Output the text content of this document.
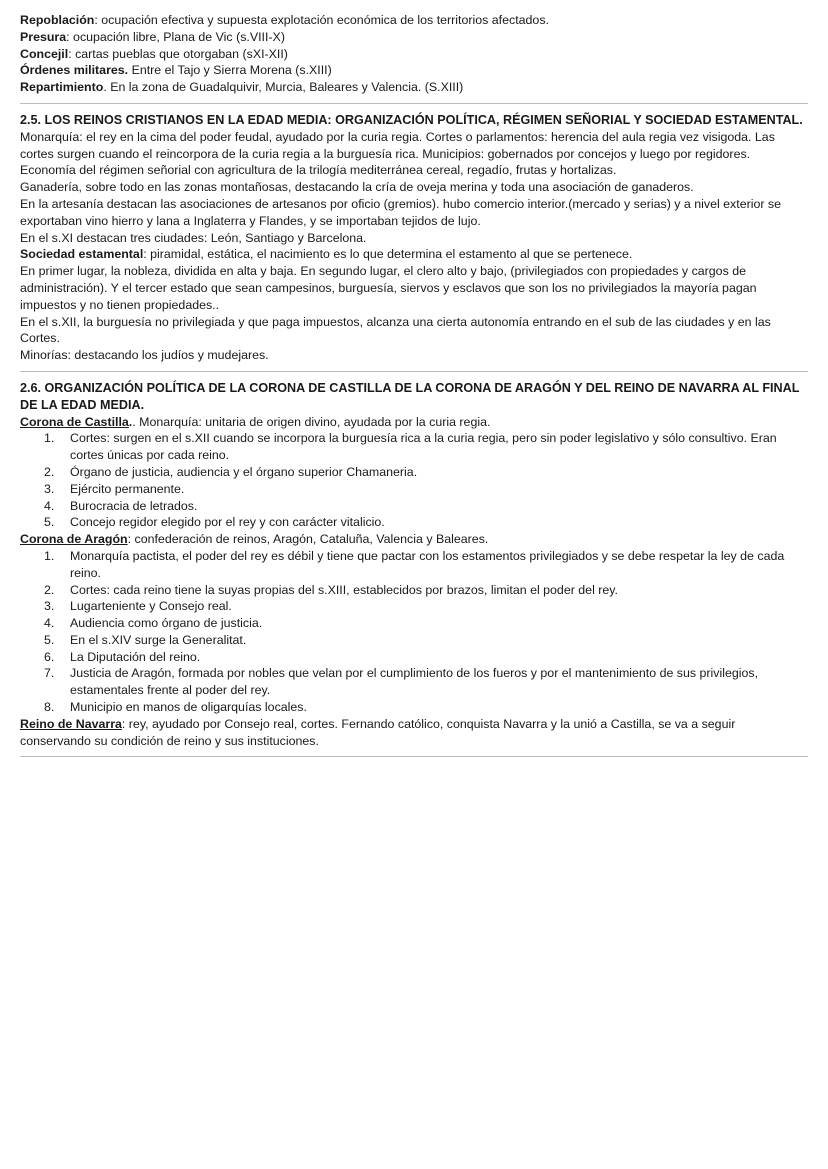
Repoblación: ocupación efectiva y supuesta explotación económica de los territorios afectados.
Presura: ocupación libre, Plana de Vic (s.VIII-X)
Concejil: cartas pueblas que otorgaban (sXI-XII)
Órdenes militares. Entre el Tajo y Sierra Morena (s.XIII)
Repartimiento. En la zona de Guadalquivir, Murcia, Baleares y Valencia. (S.XIII)
2.5. LOS REINOS CRISTIANOS EN LA EDAD MEDIA: ORGANIZACIÓN POLÍTICA, RÉGIMEN SEÑORIAL Y SOCIEDAD ESTAMENTAL.
Monarquía: el rey en la cima del poder feudal, ayudado por la curia regia. Cortes o parlamentos: herencia del aula regia vez visigoda. Las cortes surgen cuando el reincorpora de la curia regia a la burguesía rica. Municipios: gobernados por concejos y luego por regidores.
Economía del régimen señorial con agricultura de la trilogía mediterránea cereal, regadío, frutas y hortalizas.
Ganadería, sobre todo en las zonas montañosas, destacando la cría de oveja merina y toda una asociación de ganaderos.
En la artesanía destacan las asociaciones de artesanos por oficio (gremios). hubo comercio interior.(mercado y serias) y a nivel exterior se exportaban vino hierro y lana a Inglaterra y Flandes, y se importaban tejidos de lujo.
En el s.XI destacan tres ciudades: León, Santiago y Barcelona.
Sociedad estamental: piramidal, estática, el nacimiento es lo que determina el estamento al que se pertenece.
En primer lugar, la nobleza, dividida en alta y baja. En segundo lugar, el clero alto y bajo, (privilegiados con propiedades y cargos de administración). Y el tercer estado que sean campesinos, burguesía, siervos y esclavos que son los no privilegiados la mayoría pagan impuestos y no tienen propiedades..
En el s.XII, la burguesía no privilegiada y que paga impuestos, alcanza una cierta autonomía entrando en el sub de las ciudades y en las Cortes.
Minorías: destacando los judíos y mudejares.
2.6. ORGANIZACIÓN POLÍTICA DE LA CORONA DE CASTILLA DE LA CORONA DE ARAGÓN Y DEL REINO DE NAVARRA AL FINAL DE LA EDAD MEDIA.
Corona de Castilla.. Monarquía: unitaria de origen divino, ayudada por la curia regia.
1.	Cortes: surgen en el s.XII cuando se incorpora la burguesía rica a la curia regia, pero sin poder legislativo y sólo consultivo. Eran cortes únicas por cada reino.
2.	Órgano de justicia, audiencia y el órgano superior Chamaneria.
3.	Ejército permanente.
4.	Burocracia de letrados.
5.	Concejo regidor elegido por el rey y con carácter vitalicio.
Corona de Aragón: confederación de reinos, Aragón, Cataluña, Valencia y Baleares.
1.	Monarquía pactista, el poder del rey es débil y tiene que pactar con los estamentos privilegiados y se debe respetar la ley de cada reino.
2.	Cortes: cada reino tiene la suyas propias del s.XIII, establecidos por brazos, limitan el poder del rey.
3.	Lugarteniente y Consejo real.
4.	Audiencia como órgano de justicia.
5.	En el s.XIV surge la Generalitat.
6.	La Diputación del reino.
7.	Justicia de Aragón, formada por nobles que velan por el cumplimiento de los fueros y por el mantenimiento de sus privilegios, estamentales frente al poder del rey.
8.	Municipio en manos de oligarquías locales.
Reino de Navarra: rey, ayudado por Consejo real, cortes. Fernando católico, conquista Navarra y la unió a Castilla, se va a seguir conservando su condición de reino y sus instituciones.
